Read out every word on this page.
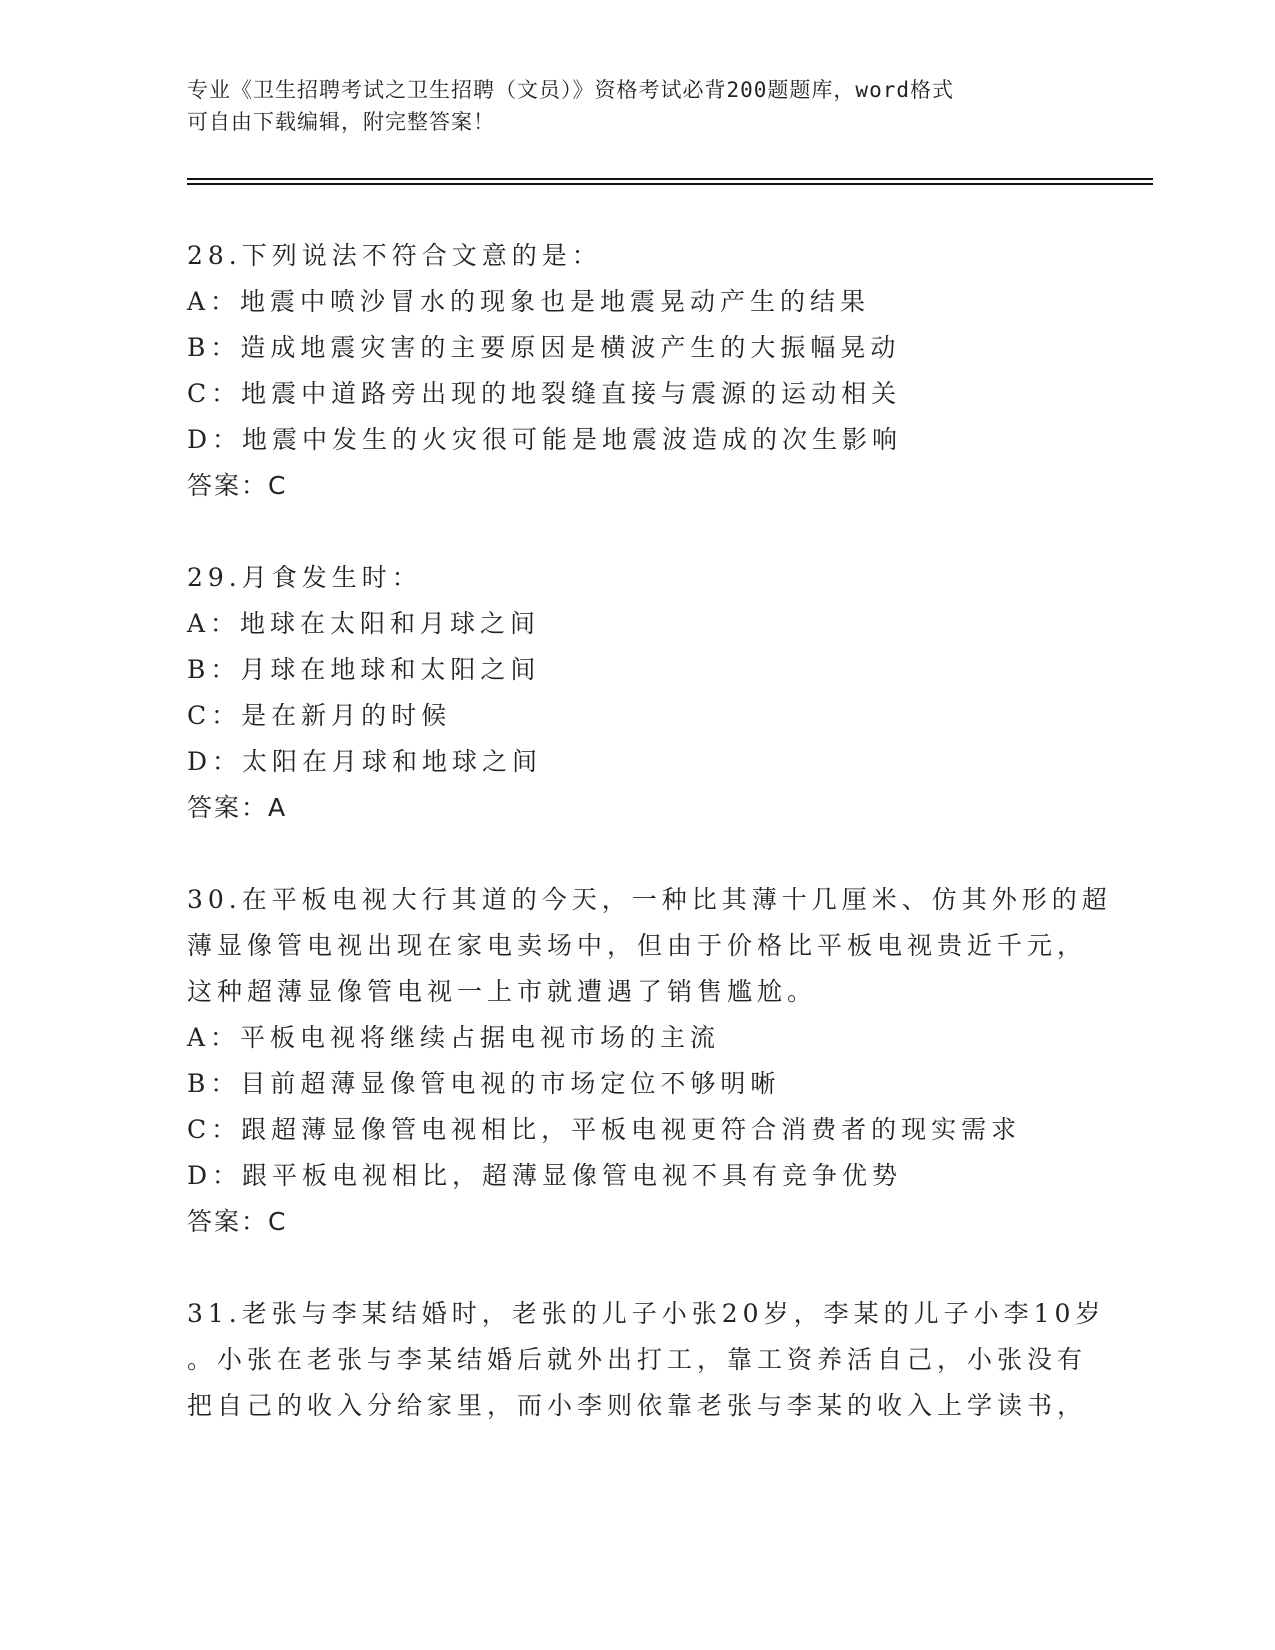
专业《卫生招聘考试之卫生招聘（文员）》资格考试必背200题题库，word格式
可自由下载编辑，附完整答案！
28.下列说法不符合文意的是：
A：地震中喷沙冒水的现象也是地震晃动产生的结果
B：造成地震灾害的主要原因是横波产生的大振幅晃动
C：地震中道路旁出现的地裂缝直接与震源的运动相关
D：地震中发生的火灾很可能是地震波造成的次生影响
答案：C
29.月食发生时：
A：地球在太阳和月球之间
B：月球在地球和太阳之间
C：是在新月的时候
D：太阳在月球和地球之间
答案：A
30.在平板电视大行其道的今天，一种比其薄十几厘米、仿其外形的超
薄显像管电视出现在家电卖场中，但由于价格比平板电视贵近千元，
这种超薄显像管电视一上市就遭遇了销售尴尬。
A：平板电视将继续占据电视市场的主流
B：目前超薄显像管电视的市场定位不够明晰
C：跟超薄显像管电视相比，平板电视更符合消费者的现实需求
D：跟平板电视相比，超薄显像管电视不具有竞争优势
答案：C
31.老张与李某结婚时，老张的儿子小张20岁，李某的儿子小李10岁
。小张在老张与李某结婚后就外出打工，靠工资养活自己，小张没有
把自己的收入分给家里，而小李则依靠老张与李某的收入上学读书，
